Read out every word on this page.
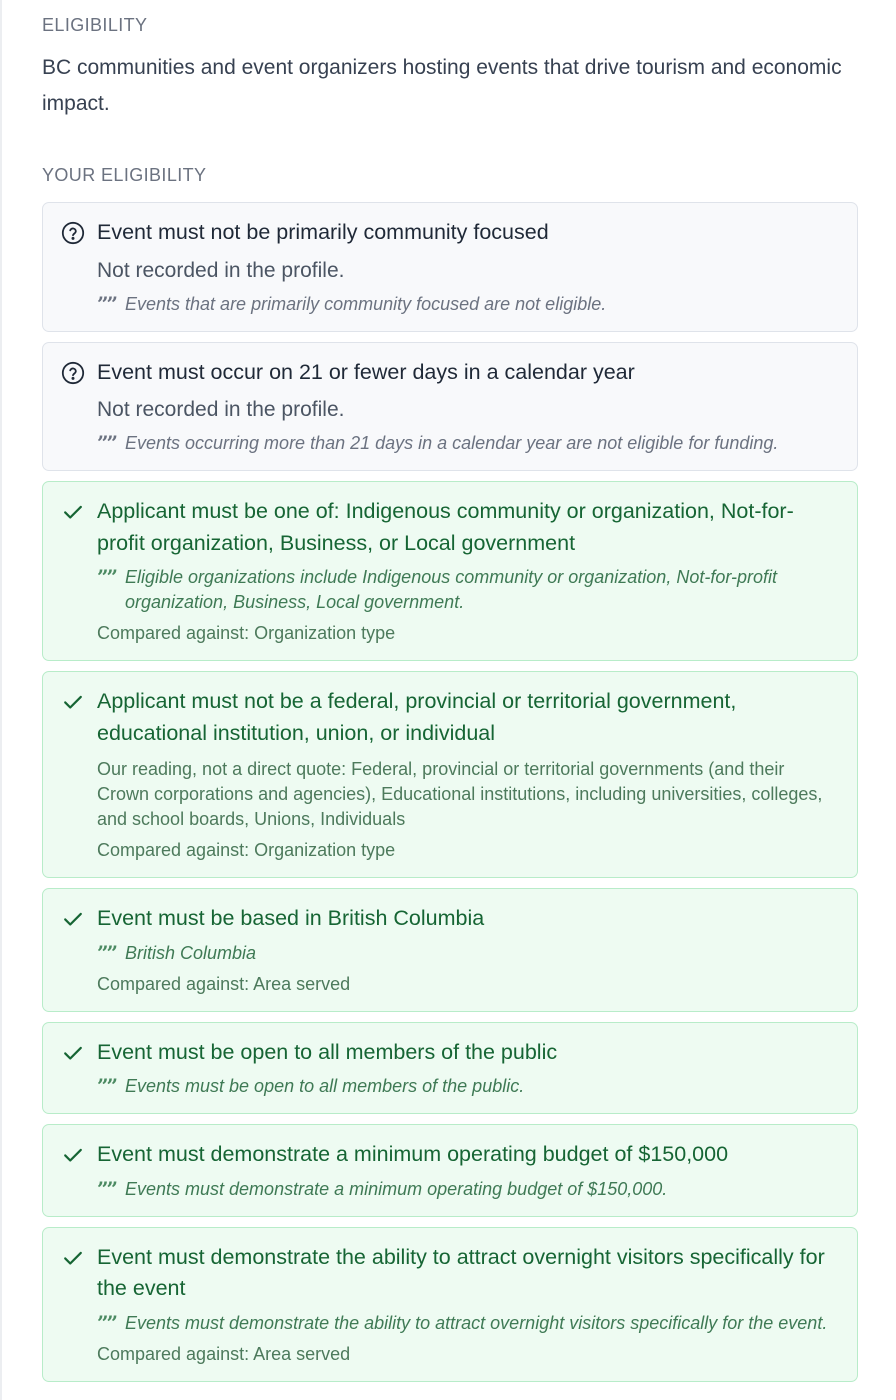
ELIGIBILITY

BC communities and event organizers hosting events that drive tourism and economic impact.

YOUR ELIGIBILITY

Event must not be primarily community focused

Not recorded in the profile.
”” Events that are primarily community focused are not eligible.

Event must occur on 21 or fewer days in a calendar year

Not recorded in the profile.
”” Events occurring more than 21 days in a calendar year are not eligible for funding.

Applicant must be one of: Indigenous community or organization, Not-for-profit organization, Business, or Local government

”” Eligible organizations include Indigenous community or organization, Not-for-profit organization, Business, Local government.
Compared against: Organization type

Applicant must not be a federal, provincial or territorial government, educational institution, union, or individual

Our reading, not a direct quote: Federal, provincial or territorial governments (and their Crown corporations and agencies), Educational institutions, including universities, colleges, and school boards, Unions, Individuals
Compared against: Organization type

Event must be based in British Columbia

”” British Columbia
Compared against: Area served

Event must be open to all members of the public

”” Events must be open to all members of the public.

Event must demonstrate a minimum operating budget of $150,000

”” Events must demonstrate a minimum operating budget of $150,000.

Event must demonstrate the ability to attract overnight visitors specifically for the event

”” Events must demonstrate the ability to attract overnight visitors specifically for the event.
Compared against: Area served
